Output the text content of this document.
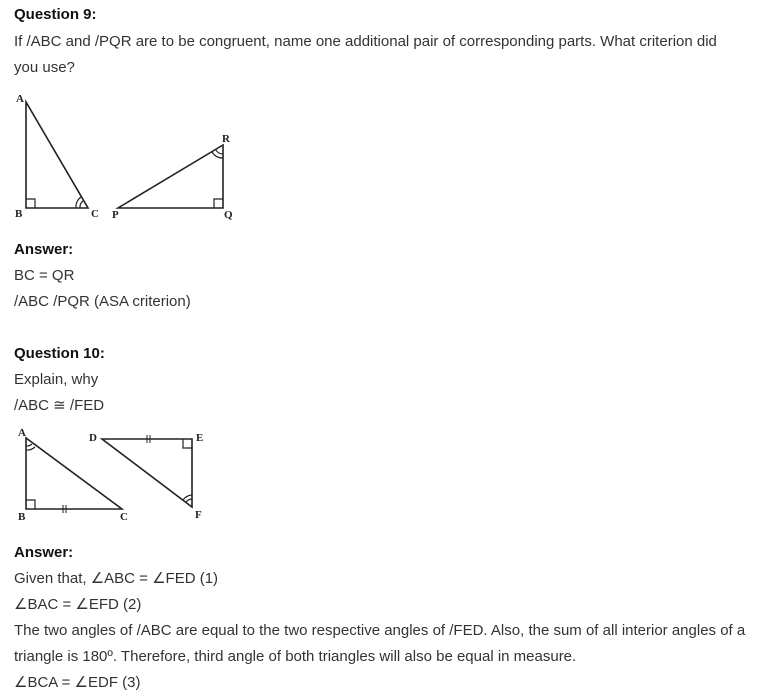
Question 9:
If /ABC and /PQR are to be congruent, name one additional pair of corresponding parts. What criterion did
you use?
A
B	C P	Q
R
Answer:
BC = QR
/ABC /PQR (ASA criterion)
Question 10:
Explain, why
/ABC ≅ /FED
A
B	C
D	E
F
Answer:
Given that, ∠ABC = ∠FED (1)
∠BAC = ∠EFD (2)
The two angles of /ABC are equal to the two respective angles of /FED. Also, the sum of all interior angles of a triangle is 180º. Therefore, third angle of both triangles will also be equal in measure.
∠BCA = ∠EDF (3)
